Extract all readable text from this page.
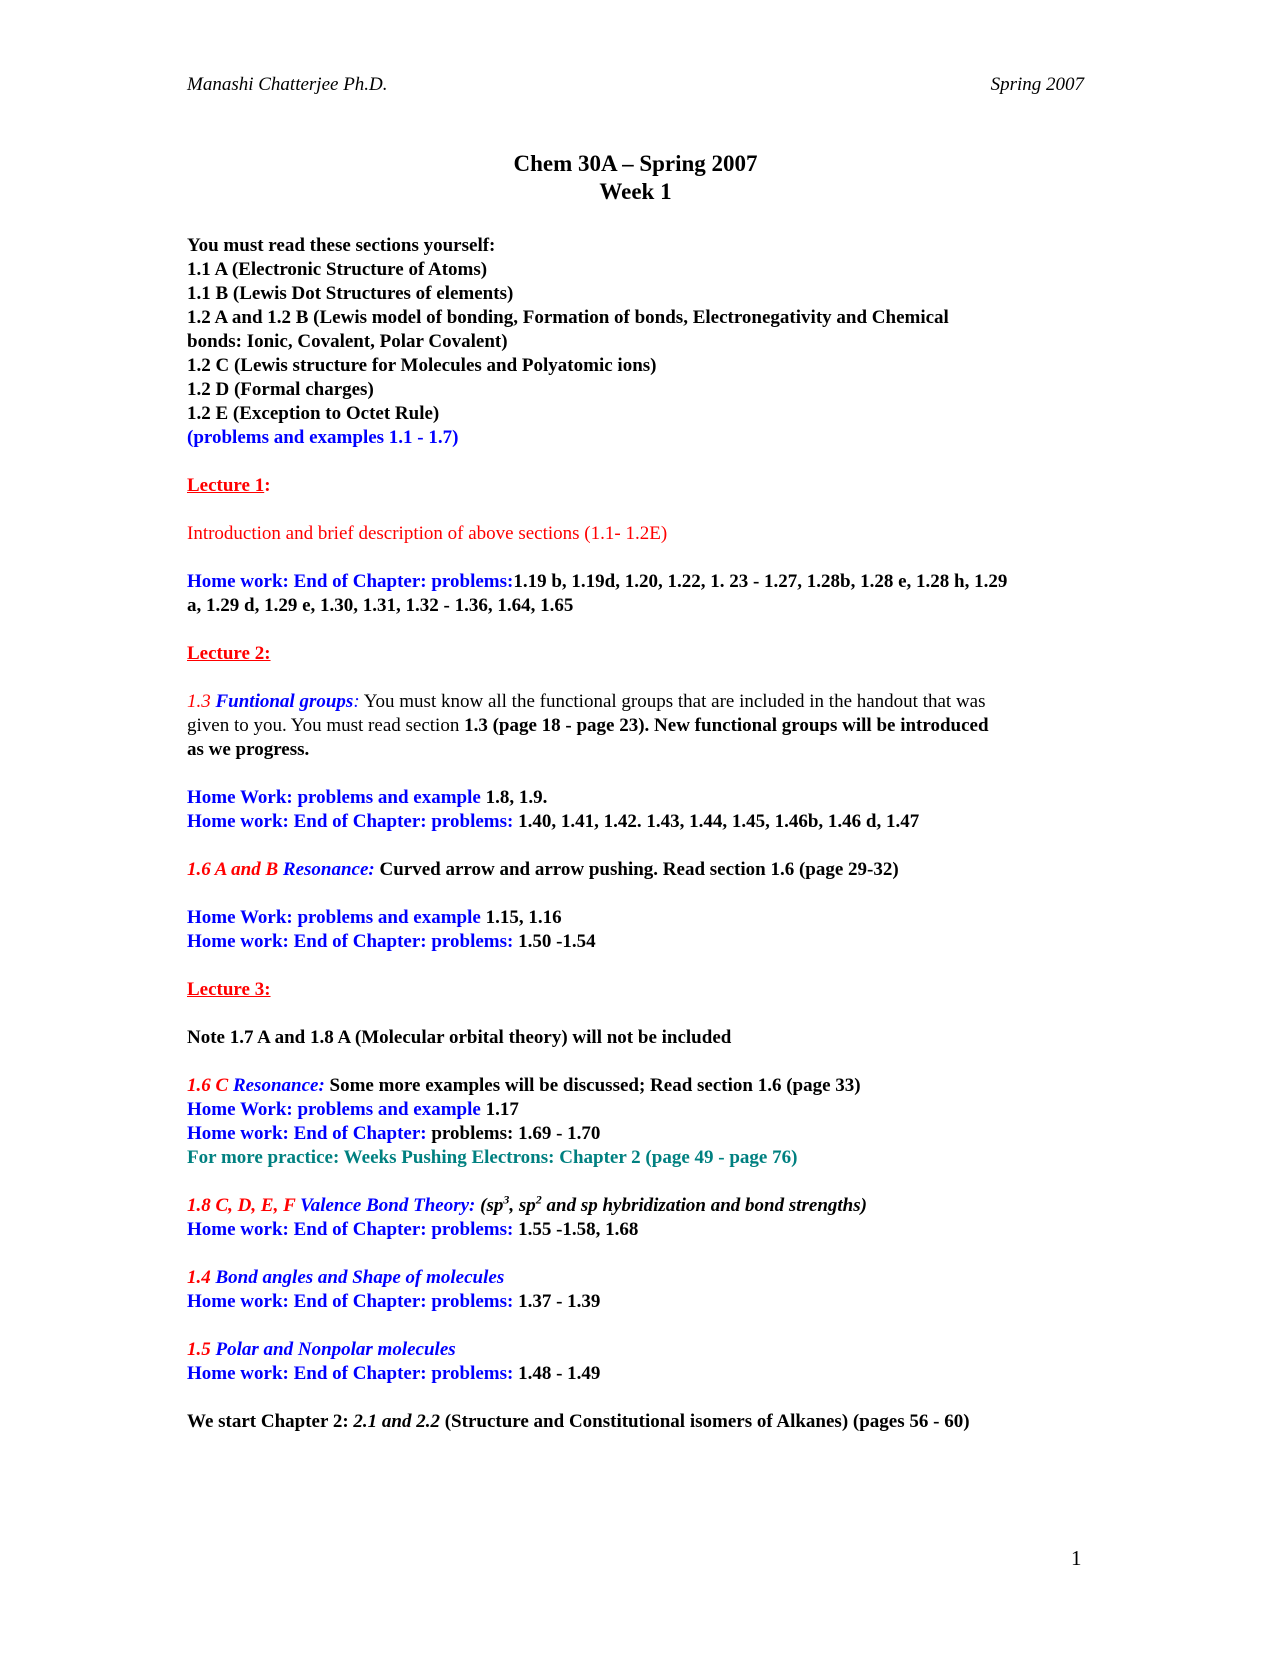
Manashi Chatterjee Ph.D.	Spring 2007
Chem 30A – Spring 2007
Week 1
You must read these sections yourself:
1.1 A (Electronic Structure of Atoms)
1.1 B (Lewis Dot Structures of elements)
1.2 A and 1.2 B (Lewis model of bonding, Formation of bonds, Electronegativity and Chemical
bonds: Ionic, Covalent, Polar Covalent)
1.2 C (Lewis structure for Molecules and Polyatomic ions)
1.2 D (Formal charges)
1.2 E (Exception to Octet Rule)
(problems and examples 1.1 - 1.7)
Lecture 1:
Introduction and brief description of above sections (1.1- 1.2E)
Home work: End of Chapter: problems:1.19 b, 1.19d, 1.20, 1.22, 1. 23 - 1.27, 1.28b, 1.28 e, 1.28 h, 1.29
a, 1.29 d, 1.29 e, 1.30, 1.31, 1.32 - 1.36, 1.64, 1.65
Lecture 2:
1.3 Funtional groups: You must know all the functional groups that are included in the handout that was
given to you. You must read section 1.3 (page 18 - page 23). New functional groups will be introduced
as we progress.
Home Work: problems and example 1.8, 1.9.
Home work: End of Chapter: problems: 1.40, 1.41, 1.42. 1.43, 1.44, 1.45, 1.46b, 1.46 d, 1.47
1.6 A and B Resonance: Curved arrow and arrow pushing. Read section 1.6 (page 29-32)
Home Work: problems and example 1.15, 1.16
Home work: End of Chapter: problems: 1.50 -1.54
Lecture 3:
Note 1.7 A and 1.8 A (Molecular orbital theory) will not be included
1.6 C Resonance: Some more examples will be discussed; Read section 1.6 (page 33)
Home Work: problems and example 1.17
Home work: End of Chapter: problems: 1.69 - 1.70
For more practice: Weeks Pushing Electrons: Chapter 2 (page 49 - page 76)
1.8 C, D, E, F Valence Bond Theory: ($sp^3$, $sp^2$ and sp hybridization and bond strengths)
Home work: End of Chapter: problems: 1.55 -1.58, 1.68
1.4 Bond angles and Shape of molecules
Home work: End of Chapter: problems: 1.37 - 1.39
1.5 Polar and Nonpolar molecules
Home work: End of Chapter: problems: 1.48 - 1.49
We start Chapter 2: 2.1 and 2.2 (Structure and Constitutional isomers of Alkanes) (pages 56 - 60)
1
